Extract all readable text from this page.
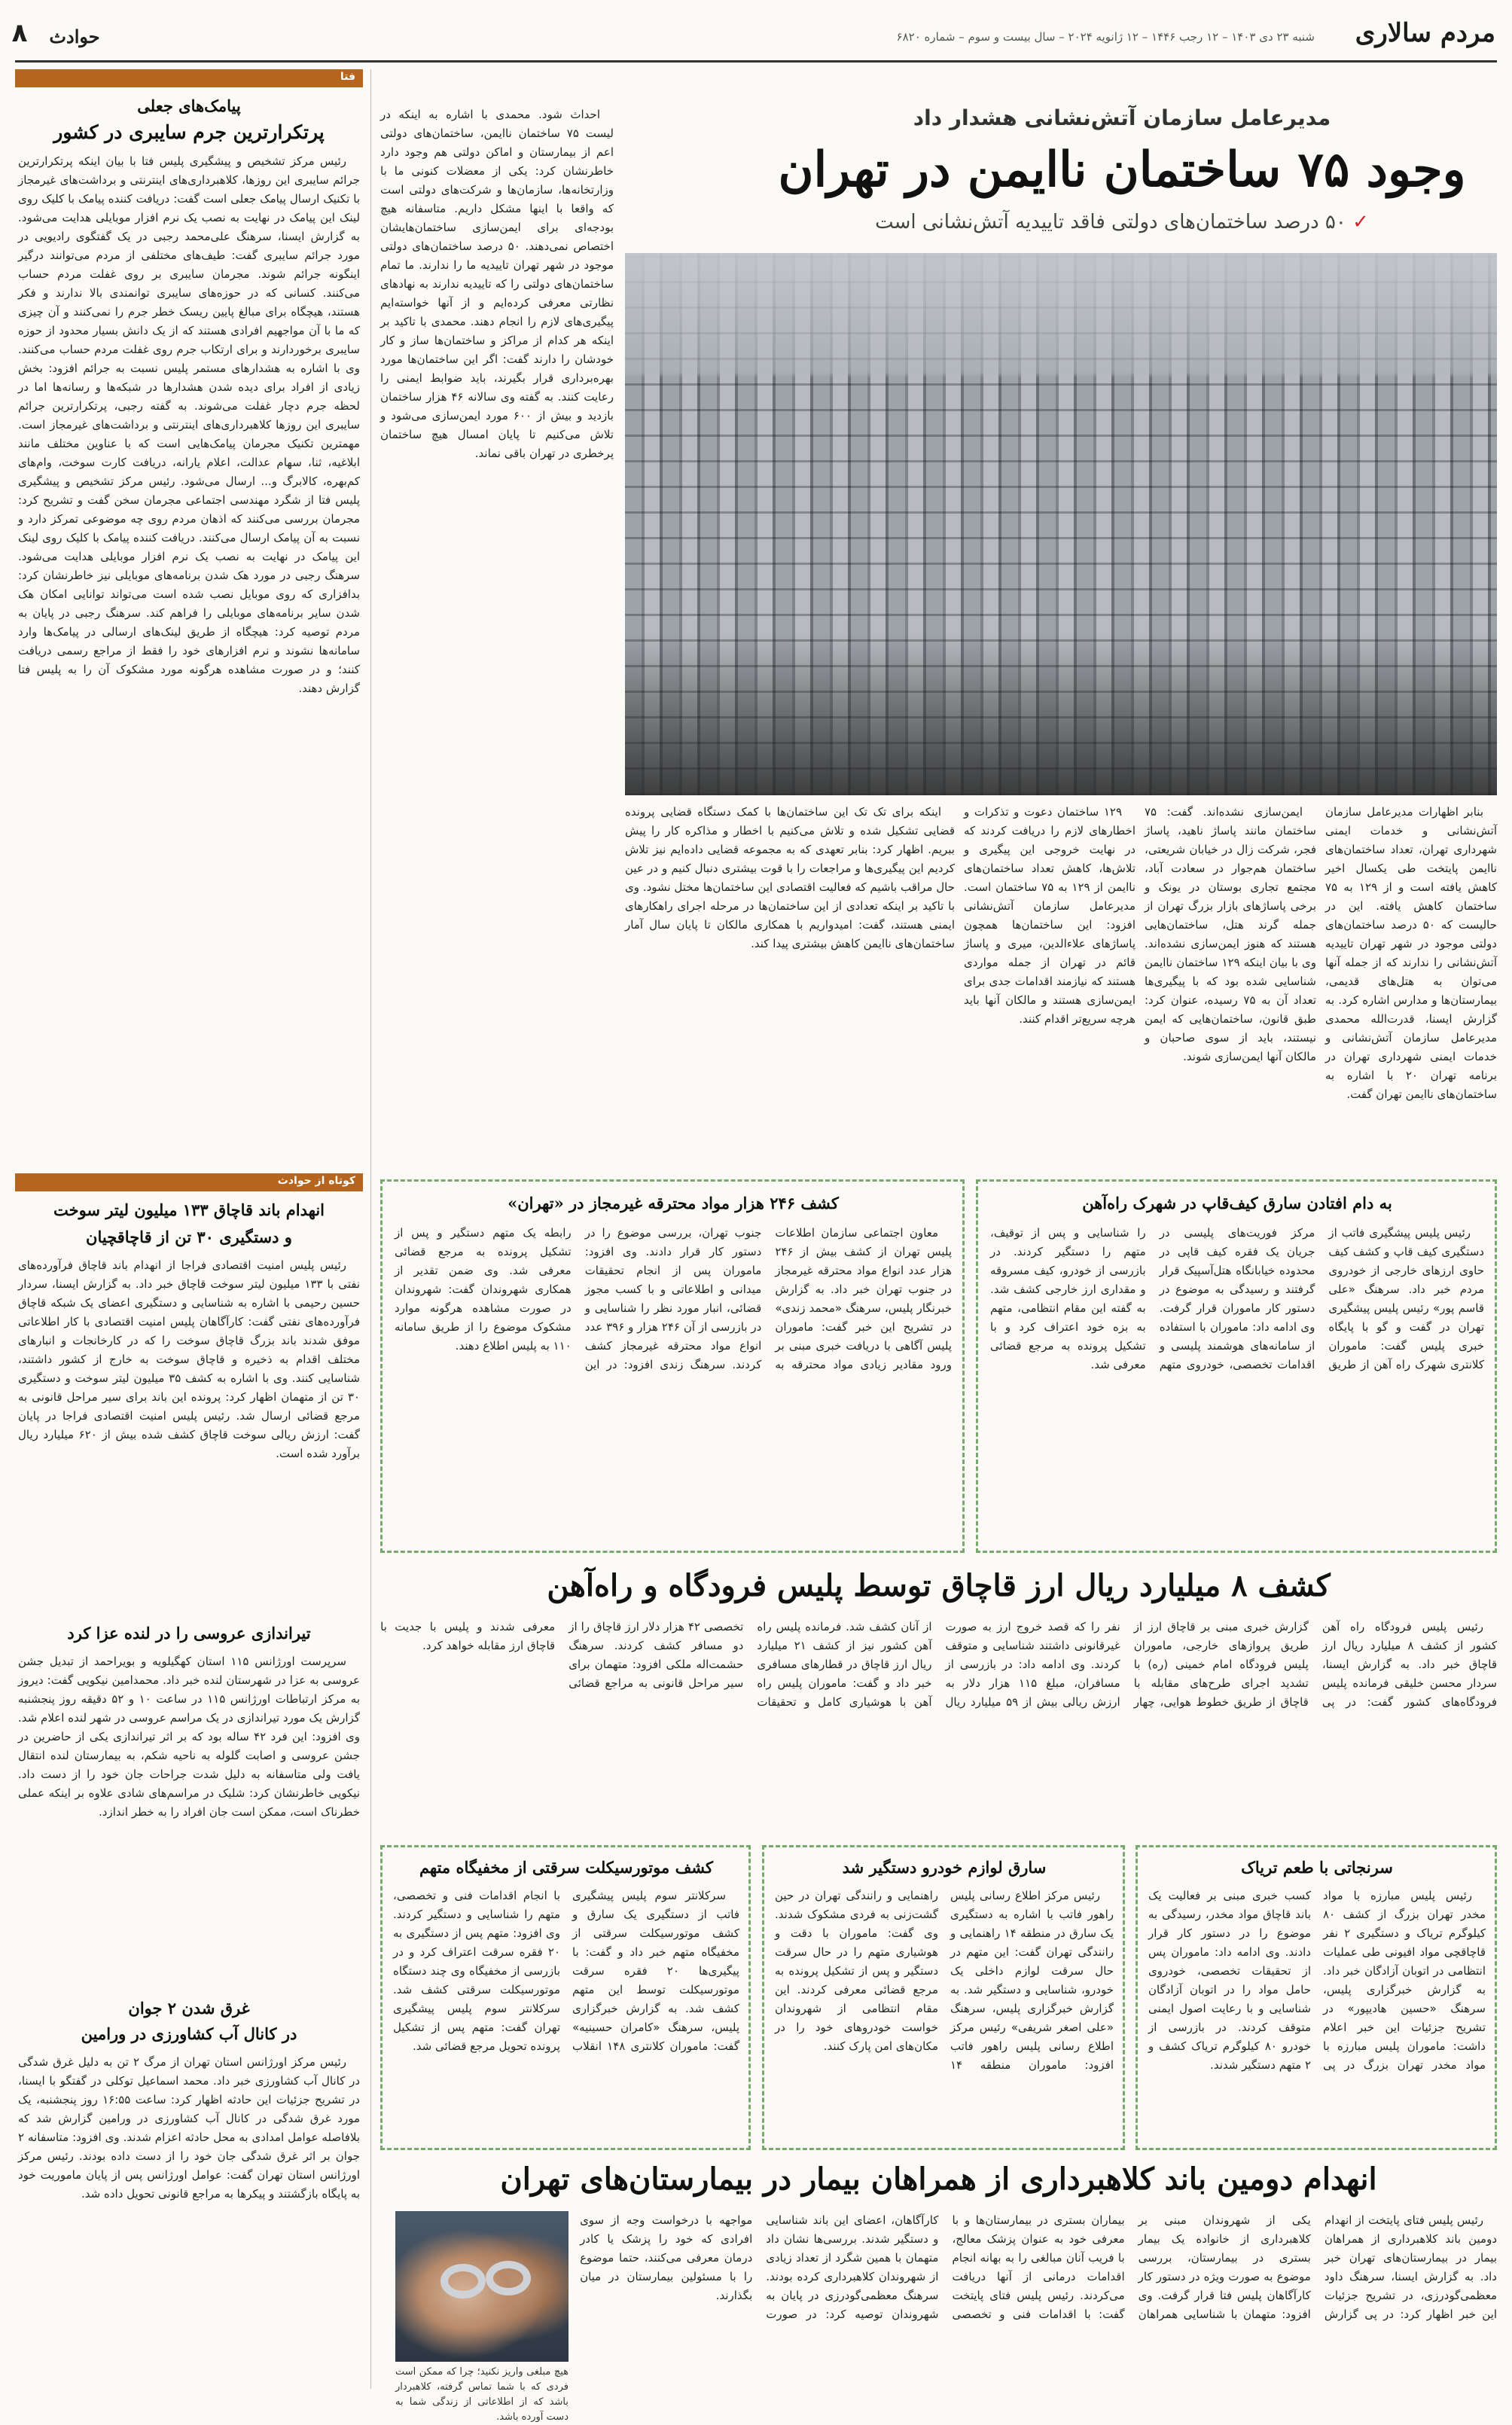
مردم سالاری
شنبه ۲۳ دی ۱۴۰۳ – ۱۲ رجب ۱۴۴۶ – ۱۲ ژانویه ۲۰۲۴ – سال بیست و سوم – شماره ۶۸۲۰
حوادث
۸
فتا
پیامک‌های جعلی
پرتکرارترین جرم سایبری در کشور

رئیس مرکز تشخیص و پیشگیری پلیس فتا با بیان اینکه پرتکرارترین جرائم سایبری این روزها، کلاهبرداری‌های اینترنتی و برداشت‌های غیرمجاز با تکنیک ارسال پیامک جعلی است گفت: دریافت کننده پیامک با کلیک روی لینک این پیامک در نهایت به نصب یک نرم افزار موبایلی هدایت می‌شود. به گزارش ایسنا، سرهنگ علی‌محمد رجبی در یک گفتگوی رادیویی در مورد جرائم سایبری گفت: طیف‌های مختلفی از مردم می‌توانند درگیر اینگونه جرائم شوند. مجرمان سایبری بر روی غفلت مردم حساب می‌کنند. کسانی که در حوزه‌های سایبری توانمندی بالا ندارند و فکر هستند، هیچگاه برای مبالغ پایین ریسک خطر جرم را نمی‌کنند و آن چیزی که ما با آن مواجهیم افرادی هستند که از یک دانش بسیار محدود از حوزه سایبری برخوردارند و برای ارتکاب جرم روی غفلت مردم حساب می‌کنند. وی با اشاره به هشدارهای مستمر پلیس نسبت به جرائم افزود: بخش زیادی از افراد برای دیده شدن هشدارها در شبکه‌ها و رسانه‌ها اما در لحظه جرم دچار غفلت می‌شوند. به گفته رجبی، پرتکرارترین جرائم سایبری این روزها کلاهبرداری‌های اینترنتی و برداشت‌های غیرمجاز است. مهمترین تکنیک مجرمان پیامک‌هایی است که با عناوین مختلف مانند ابلاغیه، ثنا، سهام عدالت، اعلام یارانه، دریافت کارت سوخت، وام‌های کم‌بهره، کالابرگ و... ارسال می‌شود. رئیس مرکز تشخیص و پیشگیری پلیس فتا از شگرد مهندسی اجتماعی مجرمان سخن گفت و تشریح کرد: مجرمان بررسی می‌کنند که اذهان مردم روی چه موضوعی تمرکز دارد و نسبت به آن پیامک ارسال می‌کنند. دریافت کننده پیامک با کلیک روی لینک این پیامک در نهایت به نصب یک نرم افزار موبایلی هدایت می‌شود. سرهنگ رجبی در مورد هک شدن برنامه‌های موبایلی نیز خاطرنشان کرد: بدافزاری که روی موبایل نصب شده است می‌تواند توانایی امکان هک شدن سایر برنامه‌های موبایلی را فراهم کند. سرهنگ رجبی در پایان به مردم توصیه کرد: هیچگاه از طریق لینک‌های ارسالی در پیامک‌ها وارد سامانه‌ها نشوند و نرم افزارهای خود را فقط از مراجع رسمی دریافت کنند؛ و در صورت مشاهده هرگونه مورد مشکوک آن را به پلیس فتا گزارش دهند.

کوتاه از حوادث
انهدام باند قاچاق ۱۳۳ میلیون لیتر سوخت
و دستگیری ۳۰ تن از قاچاقچیان

رئیس پلیس امنیت اقتصادی فراجا از انهدام باند قاچاق فرآورده‌های نفتی با ۱۳۳ میلیون لیتر سوخت قاچاق خبر داد. به گزارش ایسنا، سردار حسین رحیمی با اشاره به شناسایی و دستگیری اعضای یک شبکه قاچاق فرآورده‌های نفتی گفت: کارآگاهان پلیس امنیت اقتصادی با کار اطلاعاتی موفق شدند باند بزرگ قاچاق سوخت را که در کارخانجات و انبارهای مختلف اقدام به ذخیره و قاچاق سوخت به خارج از کشور داشتند، شناسایی کنند. وی با اشاره به کشف ۳۵ میلیون لیتر سوخت و دستگیری ۳۰ تن از متهمان اظهار کرد: پرونده این باند برای سیر مراحل قانونی به مرجع قضائی ارسال شد. رئیس پلیس امنیت اقتصادی فراجا در پایان گفت: ارزش ریالی سوخت قاچاق کشف شده بیش از ۶۲۰ میلیارد ریال برآورد شده است.

تیراندازی عروسی را در لنده عزا کرد

سرپرست اورژانس ۱۱۵ استان کهگیلویه و بویراحمد از تبدیل جشن عروسی به عزا در شهرستان لنده خبر داد. محمدامین نیکویی گفت: دیروز به مرکز ارتباطات اورژانس ۱۱۵ در ساعت ۱۰ و ۵۲ دقیقه روز پنجشنبه گزارش یک مورد تیراندازی در یک مراسم عروسی در شهر لنده اعلام شد. وی افزود: این فرد ۴۲ ساله بود که بر اثر تیراندازی یکی از حاضرین در جشن عروسی و اصابت گلوله به ناحیه شکم، به بیمارستان لنده انتقال یافت ولی متاسفانه به دلیل شدت جراحات جان خود را از دست داد. نیکویی خاطرنشان کرد: شلیک در مراسم‌های شادی علاوه بر اینکه عملی خطرناک است، ممکن است جان افراد را به خطر اندازد.

غرق شدن ۲ جوان
در کانال آب کشاورزی در ورامین

رئیس مرکز اورژانس استان تهران از مرگ ۲ تن به دلیل غرق شدگی در کانال آب کشاورزی خبر داد. محمد اسماعیل توکلی در گفتگو با ایسنا، در تشریح جزئیات این حادثه اظهار کرد: ساعت ۱۶:۵۵ روز پنجشنبه، یک مورد غرق شدگی در کانال آب کشاورزی در ورامین گزارش شد که بلافاصله عوامل امدادی به محل حادثه اعزام شدند. وی افزود: متاسفانه ۲ جوان بر اثر غرق شدگی جان خود را از دست داده بودند. رئیس مرکز اورژانس استان تهران گفت: عوامل اورژانس پس از پایان ماموریت خود به پایگاه بازگشتند و پیکرها به مراجع قانونی تحویل داده شد.

مدیرعامل سازمان آتش‌نشانی هشدار داد
وجود ۷۵ ساختمان ناایمن در تهران
✓ ۵۰ درصد ساختمان‌های دولتی فاقد تاییدیه آتش‌نشانی است

احداث شود. محمدی با اشاره به اینکه در لیست ۷۵ ساختمان ناایمن، ساختمان‌های دولتی اعم از بیمارستان و اماکن دولتی هم وجود دارد خاطرنشان کرد: یکی از معضلات کنونی ما با وزارتخانه‌ها، سازمان‌ها و شرکت‌های دولتی است که واقعا با اینها مشکل داریم. متاسفانه هیچ بودجه‌ای برای ایمن‌سازی ساختمان‌هایشان اختصاص نمی‌دهند. ۵۰ درصد ساختمان‌های دولتی موجود در شهر تهران تاییدیه ما را ندارند. ما تمام ساختمان‌های دولتی را که تاییدیه ندارند به نهادهای نظارتی معرفی کرده‌ایم و از آنها خواسته‌ایم پیگیری‌های لازم را انجام دهند. محمدی با تاکید بر اینکه هر کدام از مراکز و ساختمان‌ها ساز و کار خودشان را دارند گفت: اگر این ساختمان‌ها مورد بهره‌برداری قرار بگیرند، باید ضوابط ایمنی را رعایت کنند. به گفته وی سالانه ۴۶ هزار ساختمان بازدید و بیش از ۶۰۰ مورد ایمن‌سازی می‌شود و تلاش می‌کنیم تا پایان امسال هیچ ساختمان پرخطری در تهران باقی نماند.

بنابر اظهارات مدیرعامل سازمان آتش‌نشانی و خدمات ایمنی شهرداری تهران، تعداد ساختمان‌های ناایمن پایتخت طی یکسال اخیر کاهش یافته است و از ۱۲۹ به ۷۵ ساختمان کاهش یافته. این در حالیست که ۵۰ درصد ساختمان‌های دولتی موجود در شهر تهران تاییدیه آتش‌نشانی را ندارند که از جمله آنها می‌توان به هتل‌های قدیمی، بیمارستان‌ها و مدارس اشاره کرد. به گزارش ایسنا، قدرت‌الله محمدی مدیرعامل سازمان آتش‌نشانی و خدمات ایمنی شهرداری تهران در برنامه تهران ۲۰ با اشاره به ساختمان‌های ناایمن تهران گفت.

ایمن‌سازی نشده‌اند. گفت: ۷۵ ساختمان مانند پاساژ ناهید، پاساژ فجر، شرکت زال در خیابان شریعتی، ساختمان هم‌جوار در سعادت آباد، مجتمع تجاری بوستان در یونک و برخی پاساژهای بازار بزرگ تهران از جمله گرند هتل، ساختمان‌هایی هستند که هنوز ایمن‌سازی نشده‌اند. وی با بیان اینکه ۱۲۹ ساختمان ناایمن شناسایی شده بود که با پیگیری‌ها تعداد آن به ۷۵ رسیده، عنوان کرد: طبق قانون، ساختمان‌هایی که ایمن نیستند، باید از سوی صاحبان و مالکان آنها ایمن‌سازی شوند.

۱۲۹ ساختمان دعوت و تذکرات و اخطارهای لازم را دریافت کردند که در نهایت خروجی این پیگیری و تلاش‌ها، کاهش تعداد ساختمان‌های ناایمن از ۱۲۹ به ۷۵ ساختمان است. مدیرعامل سازمان آتش‌نشانی افزود: این ساختمان‌ها همچون پاساژهای علاءالدین، میری و پاساژ قائم در تهران از جمله مواردی هستند که نیازمند اقدامات جدی برای ایمن‌سازی هستند و مالکان آنها باید هرچه سریع‌تر اقدام کنند.

اینکه برای تک تک این ساختمان‌ها با کمک دستگاه قضایی پرونده قضایی تشکیل شده و تلاش می‌کنیم با اخطار و مذاکره کار را پیش ببریم. اظهار کرد: بنابر تعهدی که به مجموعه قضایی داده‌ایم نیز تلاش کردیم این پیگیری‌ها و مراجعات را با قوت بیشتری دنبال کنیم و در عین حال مراقب باشیم که فعالیت اقتصادی این ساختمان‌ها مختل نشود. وی با تاکید بر اینکه تعدادی از این ساختمان‌ها در مرحله اجرای راهکارهای ایمنی هستند، گفت: امیدواریم با همکاری مالکان تا پایان سال آمار ساختمان‌های ناایمن کاهش بیشتری پیدا کند.

به دام افتادن سارق کیف‌قاپ در شهرک راه‌آهن

رئیس پلیس پیشگیری فاتب از دستگیری کیف قاپ و کشف کیف حاوی ارزهای خارجی از خودروی مردم خبر داد. سرهنگ «علی قاسم پور» رئیس پلیس پیشگیری تهران در گفت و گو با پایگاه خبری پلیس گفت: ماموران کلانتری شهرک راه آهن از طریق مرکز فوریت‌های پلیسی در جریان یک فقره کیف قاپی در محدوده خیابانگاه هتل‌آسپیک قرار گرفتند و رسیدگی به موضوع در دستور کار ماموران قرار گرفت. وی ادامه داد: ماموران با استفاده از سامانه‌های هوشمند پلیسی و اقدامات تخصصی، خودروی متهم را شناسایی و پس از توقیف، متهم را دستگیر کردند. در بازرسی از خودرو، کیف مسروقه و مقداری ارز خارجی کشف شد. به گفته این مقام انتظامی، متهم به بزه خود اعتراف کرد و با تشکیل پرونده به مرجع قضائی معرفی شد.

کشف ۲۴۶ هزار مواد محترقه غیرمجاز در «تهران»

معاون اجتماعی سازمان اطلاعات پلیس تهران از کشف بیش از ۲۴۶ هزار عدد انواع مواد محترقه غیرمجاز در جنوب تهران خبر داد. به گزارش خبرنگار پلیس، سرهنگ «محمد زندی» در تشریح این خبر گفت: ماموران پلیس آگاهی با دریافت خبری مبنی بر ورود مقادیر زیادی مواد محترقه به جنوب تهران، بررسی موضوع را در دستور کار قرار دادند. وی افزود: ماموران پس از انجام تحقیقات میدانی و اطلاعاتی و با کسب مجوز قضائی، انبار مورد نظر را شناسایی و در بازرسی از آن ۲۴۶ هزار و ۳۹۶ عدد انواع مواد محترقه غیرمجاز کشف کردند. سرهنگ زندی افزود: در این رابطه یک متهم دستگیر و پس از تشکیل پرونده به مرجع قضائی معرفی شد. وی ضمن تقدیر از همکاری شهروندان گفت: شهروندان در صورت مشاهده هرگونه موارد مشکوک موضوع را از طریق سامانه ۱۱۰ به پلیس اطلاع دهند.

کشف ۸ میلیارد ریال ارز قاچاق توسط پلیس فرودگاه و راه‌آهن

رئیس پلیس فرودگاه راه آهن کشور از کشف ۸ میلیارد ریال ارز قاچاق خبر داد. به گزارش ایسنا، سردار محسن خلیقی فرمانده پلیس فرودگاه‌های کشور گفت: در پی گزارش خبری مبنی بر قاچاق ارز از طریق پروازهای خارجی، ماموران پلیس فرودگاه امام خمینی (ره) با تشدید اجرای طرح‌های مقابله با قاچاق از طریق خطوط هوایی، چهار نفر را که قصد خروج ارز به صورت غیرقانونی داشتند شناسایی و متوقف کردند. وی ادامه داد: در بازرسی از مسافران، مبلغ ۱۱۵ هزار دلار به ارزش ریالی بیش از ۵۹ میلیارد ریال از آنان کشف شد. فرمانده پلیس راه آهن کشور نیز از کشف ۲۱ میلیارد ریال ارز قاچاق در قطارهای مسافری خبر داد و گفت: ماموران پلیس راه آهن با هوشیاری کامل و تحقیقات تخصصی ۴۲ هزار دلار ارز قاچاق را از دو مسافر کشف کردند. سرهنگ حشمت‌اله ملکی افزود: متهمان برای سیر مراحل قانونی به مراجع قضائی معرفی شدند و پلیس با جدیت با قاچاق ارز مقابله خواهد کرد.

سرنجاتی با طعم تریاک

رئیس پلیس مبارزه با مواد مخدر تهران بزرگ از کشف ۸۰ کیلوگرم تریاک و دستگیری ۲ نفر قاچاقچی مواد افیونی طی عملیات انتظامی در اتوبان آزادگان خبر داد. به گزارش خبرگزاری پلیس، سرهنگ «حسین هادیپور» در تشریح جزئیات این خبر اعلام داشت: ماموران پلیس مبارزه با مواد مخدر تهران بزرگ در پی کسب خبری مبنی بر فعالیت یک باند قاچاق مواد مخدر، رسیدگی به موضوع را در دستور کار قرار دادند. وی ادامه داد: ماموران پس از تحقیقات تخصصی، خودروی حامل مواد را در اتوبان آزادگان شناسایی و با رعایت اصول ایمنی متوقف کردند. در بازرسی از خودرو ۸۰ کیلوگرم تریاک کشف و ۲ متهم دستگیر شدند.

سارق لوازم خودرو دستگیر شد

رئیس مرکز اطلاع رسانی پلیس راهور فاتب با اشاره به دستگیری یک سارق در منطقه ۱۴ راهنمایی و رانندگی تهران گفت: این متهم در حال سرقت لوازم داخلی یک خودرو، شناسایی و دستگیر شد. به گزارش خبرگزاری پلیس، سرهنگ «علی اصغر شریفی» رئیس مرکز اطلاع رسانی پلیس راهور فاتب افزود: ماموران منطقه ۱۴ راهنمایی و رانندگی تهران در حین گشت‌زنی به فردی مشکوک شدند. وی گفت: ماموران با دقت و هوشیاری متهم را در حال سرقت دستگیر و پس از تشکیل پرونده به مرجع قضائی معرفی کردند. این مقام انتظامی از شهروندان خواست خودروهای خود را در مکان‌های امن پارک کنند.

کشف موتورسیکلت سرقتی از مخفیگاه متهم

سرکلانتر سوم پلیس پیشگیری فاتب از دستگیری یک سارق و کشف موتورسیکلت سرقتی از مخفیگاه متهم خبر داد و گفت: با پیگیری‌ها ۲۰ فقره سرقت موتورسیکلت توسط این متهم کشف شد. به گزارش خبرگزاری پلیس، سرهنگ «کامران حسینیه» گفت: ماموران کلانتری ۱۴۸ انقلاب با انجام اقدامات فنی و تخصصی، متهم را شناسایی و دستگیر کردند. وی افزود: متهم پس از دستگیری به ۲۰ فقره سرقت اعتراف کرد و در بازرسی از مخفیگاه وی چند دستگاه موتورسیکلت سرقتی کشف شد. سرکلانتر سوم پلیس پیشگیری تهران گفت: متهم پس از تشکیل پرونده تحویل مرجع قضائی شد.

انهدام دومین باند کلاهبرداری از همراهان بیمار در بیمارستان‌های تهران

رئیس پلیس فتای پایتخت از انهدام دومین باند کلاهبرداری از همراهان بیمار در بیمارستان‌های تهران خبر داد. به گزارش ایسنا، سرهنگ داود معظمی‌گودرزی، در تشریح جزئیات این خبر اظهار کرد: در پی گزارش یکی از شهروندان مبنی بر کلاهبرداری از خانواده یک بیمار بستری در بیمارستان، بررسی موضوع به صورت ویژه در دستور کار کارآگاهان پلیس فتا قرار گرفت. وی افزود: متهمان با شناسایی همراهان بیماران بستری در بیمارستان‌ها و با معرفی خود به عنوان پزشک معالج، با فریب آنان مبالغی را به بهانه انجام اقدامات درمانی از آنها دریافت می‌کردند. رئیس پلیس فتای پایتخت گفت: با اقدامات فنی و تخصصی کارآگاهان، اعضای این باند شناسایی و دستگیر شدند. بررسی‌ها نشان داد متهمان با همین شگرد از تعداد زیادی از شهروندان کلاهبرداری کرده بودند. سرهنگ معظمی‌گودرزی در پایان به شهروندان توصیه کرد: در صورت مواجهه با درخواست وجه از سوی افرادی که خود را پزشک یا کادر درمان معرفی می‌کنند، حتما موضوع را با مسئولین بیمارستان در میان بگذارند.

هیچ مبلغی واریز نکنید؛ چرا که ممکن است فردی که با شما تماس گرفته، کلاهبردار باشد که از اطلاعاتی از زندگی شما به دست آورده باشد.
